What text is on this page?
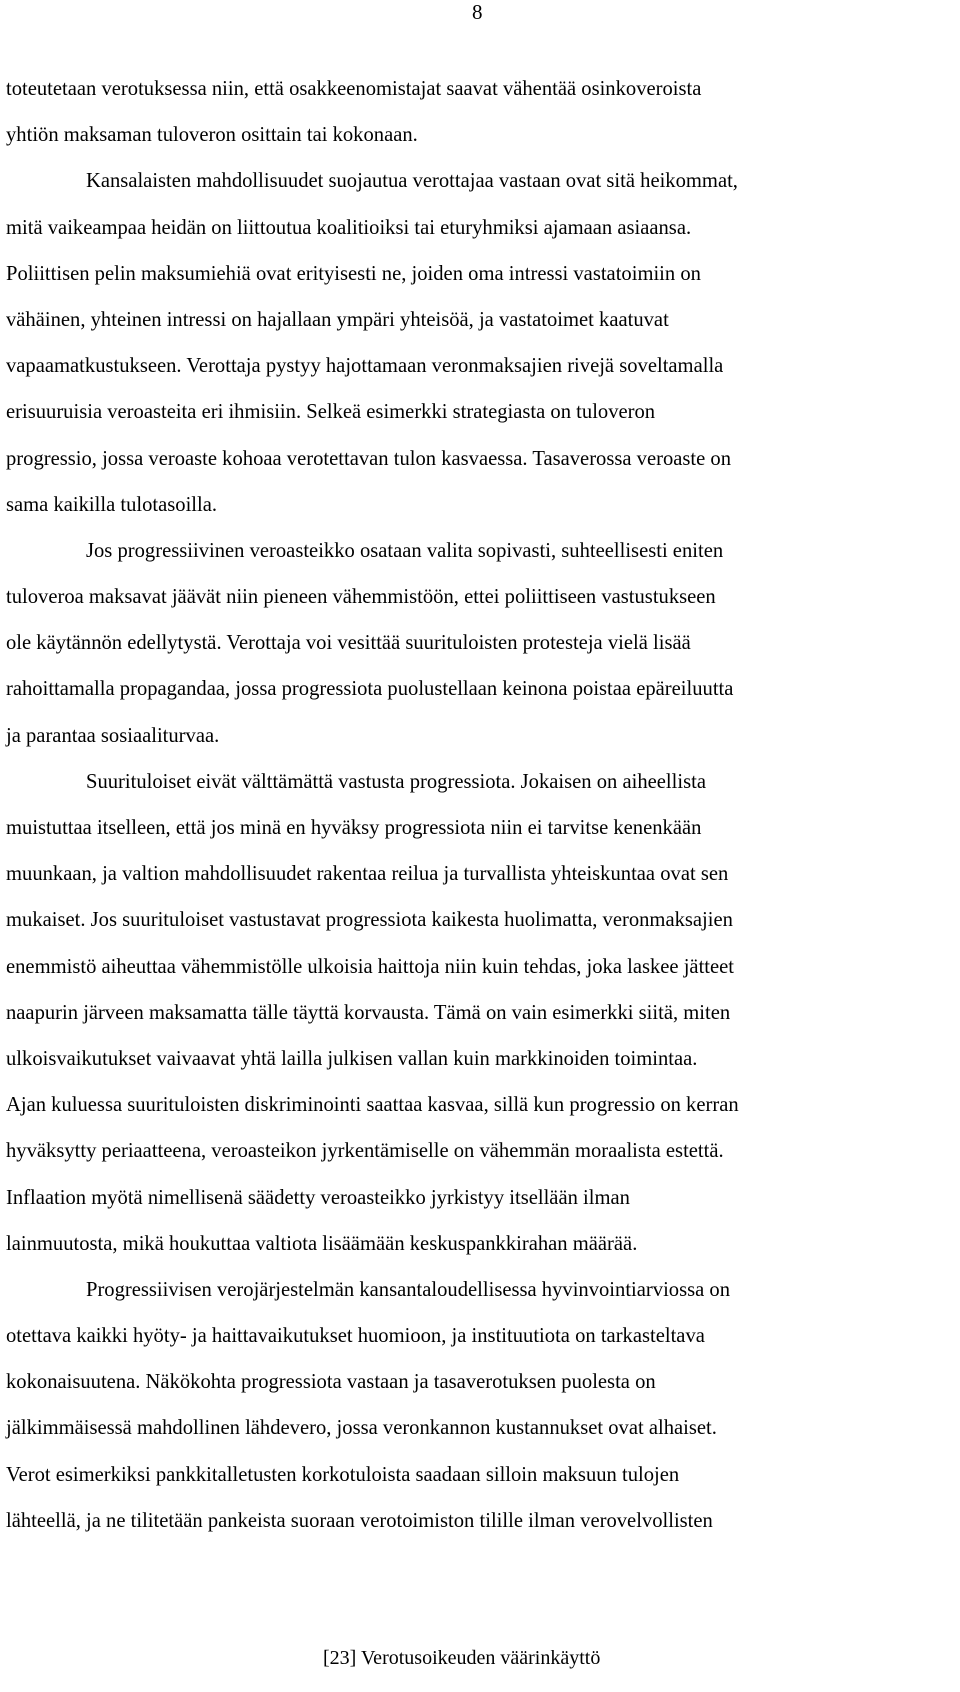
8
toteutetaan verotuksessa niin, että osakkeenomistajat saavat vähentää osinkoveroista
yhtiön maksaman tuloveron osittain tai kokonaan.
Kansalaisten mahdollisuudet suojautua verottajaa vastaan ovat sitä heikommat,
mitä vaikeampaa heidän on liittoutua koalitioiksi tai eturyhmiksi ajamaan asiaansa.
Poliittisen pelin maksumiehiä ovat erityisesti ne, joiden oma intressi vastatoimiin on
vähäinen, yhteinen intressi on hajallaan ympäri yhteisöä, ja vastatoimet kaatuvat
vapaamatkustukseen. Verottaja pystyy hajottamaan veronmaksajien rivejä soveltamalla
erisuuruisia veroasteita eri ihmisiin. Selkeä esimerkki strategiasta on tuloveron
progressio, jossa veroaste kohoaa verotettavan tulon kasvaessa. Tasaverossa veroaste on
sama kaikilla tulotasoilla.
Jos progressiivinen veroasteikko osataan valita sopivasti, suhteellisesti eniten
tuloveroa maksavat jäävät niin pieneen vähemmistöön, ettei poliittiseen vastustukseen
ole käytännön edellytystä. Verottaja voi vesittää suurituloisten protesteja vielä lisää
rahoittamalla propagandaa, jossa progressiota puolustellaan keinona poistaa epäreiluutta
ja parantaa sosiaaliturvaa.
Suurituloiset eivät välttämättä vastusta progressiota. Jokaisen on aiheellista
muistuttaa itselleen, että jos minä en hyväksy progressiota niin ei tarvitse kenenkään
muunkaan, ja valtion mahdollisuudet rakentaa reilua ja turvallista yhteiskuntaa ovat sen
mukaiset. Jos suurituloiset vastustavat progressiota kaikesta huolimatta, veronmaksajien
enemmistö aiheuttaa vähemmistölle ulkoisia haittoja niin kuin tehdas, joka laskee jätteet
naapurin järveen maksamatta tälle täyttä korvausta. Tämä on vain esimerkki siitä, miten
ulkoisvaikutukset vaivaavat yhtä lailla julkisen vallan kuin markkinoiden toimintaa.
Ajan kuluessa suurituloisten diskriminointi saattaa kasvaa, sillä kun progressio on kerran
hyväksytty periaatteena, veroasteikon jyrkentämiselle on vähemmän moraalista estettä.
Inflaation myötä nimellisenä säädetty veroasteikko jyrkistyy itsellään ilman
lainmuutosta, mikä houkuttaa valtiota lisäämään keskuspankkirahan määrää.
Progressiivisen verojärjestelmän kansantaloudellisessa hyvinvointiarviossa on
otettava kaikki hyöty- ja haittavaikutukset huomioon, ja instituutiota on tarkasteltava
kokonaisuutena. Näkökohta progressiota vastaan ja tasaverotuksen puolesta on
jälkimmäisessä mahdollinen lähdevero, jossa veronkannon kustannukset ovat alhaiset.
Verot esimerkiksi pankkitalletusten korkotuloista saadaan silloin maksuun tulojen
lähteellä, ja ne tilitetään pankeista suoraan verotoimiston tilille ilman verovelvollisten
[23] Verotusoikeuden väärinkäyttö
